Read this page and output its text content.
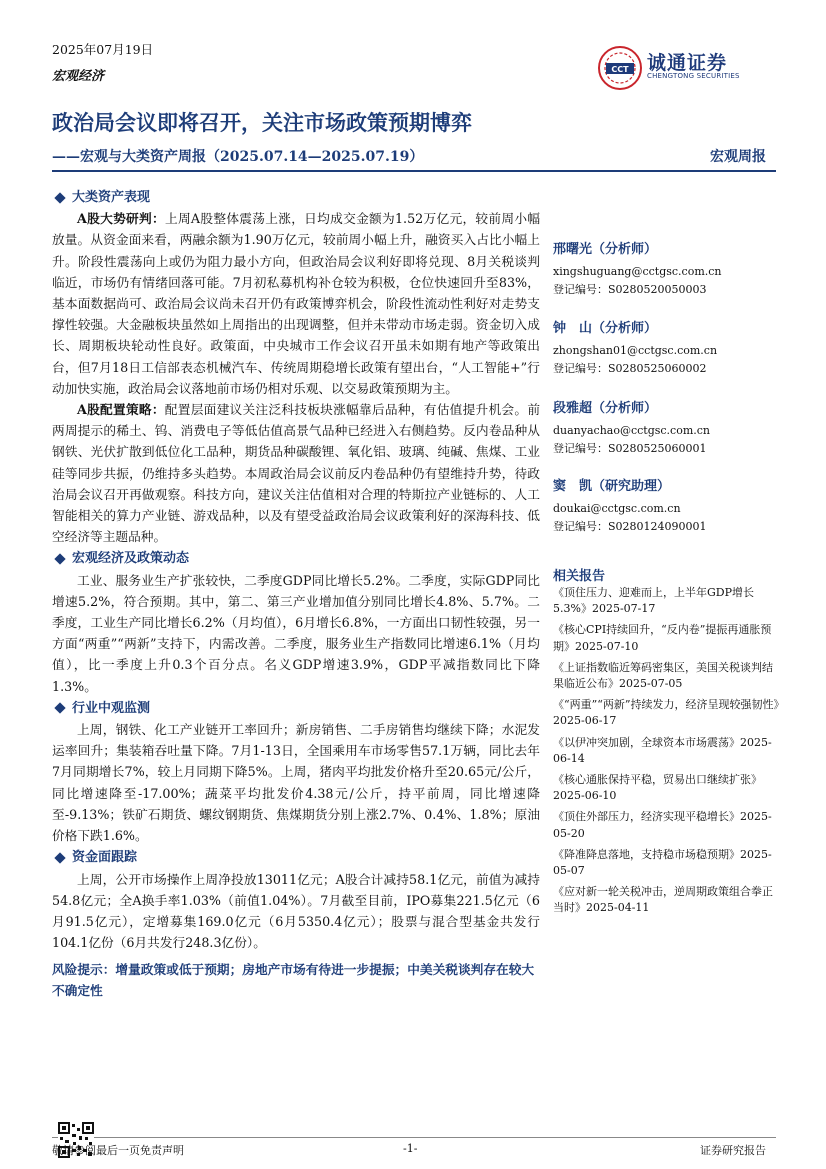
2025年07月19日
宏观经济	CCT 诚通证券
CHENGTONG SECURITIES
政治局会议即将召开，关注市场政策预期博弈
——宏观与大类资产周报（2025.07.14—2025.07.19）	宏观周报
大类资产表现

A股大势研判：上周A股整体震荡上涨，日均成交金额为1.52万亿元，较前周小幅放量。从资金面来看，两融余额为1.90万亿元，较前周小幅上升，融资买入占比小幅上升。阶段性震荡向上或仍为阻力最小方向，但政治局会议利好即将兑现、8月关税谈判临近，市场仍有情绪回落可能。7月初私募机构补仓较为积极，仓位快速回升至83%，基本面数据尚可、政治局会议尚未召开仍有政策博弈机会，阶段性流动性利好对走势支撑性较强。大金融板块虽然如上周指出的出现调整，但并未带动市场走弱。资金切入成长、周期板块轮动性良好。政策面，中央城市工作会议召开虽未如期有地产等政策出台，但7月18日工信部表态机械汽车、传统周期稳增长政策有望出台，“人工智能+”行动加快实施，政治局会议落地前市场仍相对乐观、以交易政策预期为主。

A股配置策略：配置层面建议关注泛科技板块涨幅靠后品种，有估值提升机会。前两周提示的稀土、钨、消费电子等低估值高景气品种已经进入右侧趋势。反内卷品种从钢铁、光伏扩散到低位化工品种，期货品种碳酸锂、氧化铝、玻璃、纯碱、焦煤、工业硅等同步共振，仍维持多头趋势。本周政治局会议前反内卷品种仍有望维持升势，待政治局会议召开再做观察。科技方向，建议关注估值相对合理的特斯拉产业链标的、人工智能相关的算力产业链、游戏品种，以及有望受益政治局会议政策利好的深海科技、低空经济等主题品种。

宏观经济及政策动态

工业、服务业生产扩张较快，二季度GDP同比增长5.2%。二季度，实际GDP同比增速5.2%，符合预期。其中，第二、第三产业增加值分别同比增长4.8%、5.7%。二季度，工业生产同比增长6.2%（月均值），6月增长6.8%，一方面出口韧性较强，另一方面“两重”“两新”支持下，内需改善。二季度，服务业生产指数同比增速6.1%（月均值），比一季度上升0.3个百分点。名义GDP增速3.9%，GDP平减指数同比下降1.3%。

行业中观监测

上周，钢铁、化工产业链开工率回升；新房销售、二手房销售均继续下降；水泥发运率回升；集装箱吞吐量下降。7月1-13日，全国乘用车市场零售57.1万辆，同比去年7月同期增长7%，较上月同期下降5%。上周，猪肉平均批发价格升至20.65元/公斤，同比增速降至-17.00%；蔬菜平均批发价4.38元/公斤，持平前周，同比增速降至-9.13%；铁矿石期货、螺纹钢期货、焦煤期货分别上涨2.7%、0.4%、1.8%；原油价格下跌1.6%。

资金面跟踪

上周，公开市场操作上周净投放13011亿元；A股合计减持58.1亿元，前值为减持54.8亿元；全A换手率1.03%（前值1.04%）。7月截至目前，IPO募集221.5亿元（6月91.5亿元），定增募集169.0亿元（6月5350.4亿元）；股票与混合型基金共发行104.1亿份（6月共发行248.3亿份）。

风险提示：增量政策或低于预期；房地产市场有待进一步提振；中美关税谈判存在较大不确定性

邢曙光（分析师）
xingshuguang@cctgsc.com.cn
登记编号：S0280520050003
钟　山（分析师）
zhongshan01@cctgsc.com.cn
登记编号：S0280525060002
段雅超（分析师）
duanyachao@cctgsc.com.cn
登记编号：S0280525060001
窦　凯（研究助理）
doukai@cctgsc.com.cn
登记编号：S0280124090001
相关报告
《顶住压力、迎难而上，上半年GDP增长5.3%》2025-07-17
《核心CPI持续回升，“反内卷”提振再通胀预期》2025-07-10
《上证指数临近筹码密集区，美国关税谈判结果临近公布》2025-07-05
《“两重”“两新”持续发力，经济呈现较强韧性》2025-06-17
《以伊冲突加剧，全球资本市场震荡》2025-06-14
《核心通胀保持平稳，贸易出口继续扩张》2025-06-10
《顶住外部压力，经济实现平稳增长》2025-05-20
《降准降息落地，支持稳市场稳预期》2025-05-07
《应对新一轮关税冲击，逆周期政策组合拳正当时》2025-04-11
敬请参阅最后一页免责声明	-1-	证券研究报告
